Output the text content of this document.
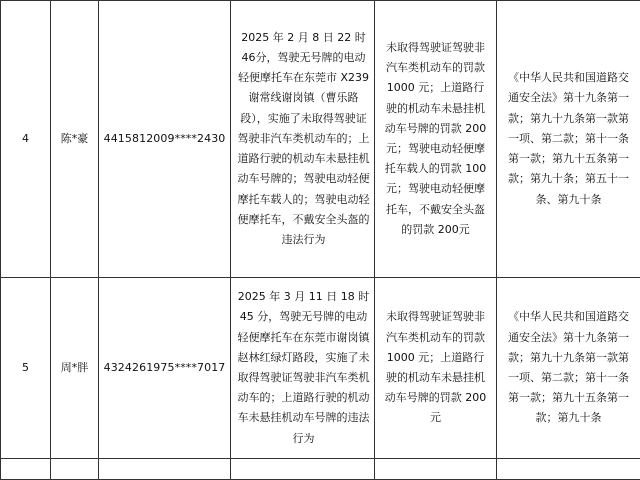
4	陈*豪	4415812009****2430	2025 年 2 月 8 日 22 时 46分，驾驶无号牌的电动轻便摩托车在东莞市 X239谢常线谢岗镇（曹乐路段），实施了未取得驾驶证驾驶非汽车类机动车的；上道路行驶的机动车未悬挂机动车号牌的；驾驶电动轻便摩托车载人的；驾驶电动轻便摩托车，不戴安全头盔的违法行为	未取得驾驶证驾驶非汽车类机动车的罚款 1000 元；上道路行驶的机动车未悬挂机动车号牌的罚款 200 元；驾驶电动轻便摩托车载人的罚款 100 元；驾驶电动轻便摩托车，不戴安全头盔的罚款 200元	《中华人民共和国道路交通安全法》第十九条第一款；第九十九条第一款第一项、第二款；第十一条第一款；第九十五条第一款；第九十条；第五十一条、第九十条
5	周*胖	4324261975****7017	2025 年 3 月 11 日 18 时45 分，驾驶无号牌的电动轻便摩托车在东莞市谢岗镇赵林红绿灯路段，实施了未取得驾驶证驾驶非汽车类机动车的；上道路行驶的机动车未悬挂机动车号牌的违法行为	未取得驾驶证驾驶非汽车类机动车的罚款 1000 元；上道路行驶的机动车未悬挂机动车号牌的罚款 200 元	《中华人民共和国道路交通安全法》第十九条第一款；第九十九条第一款第一项、第二款；第十一条第一款；第九十五条第一款；第九十条
